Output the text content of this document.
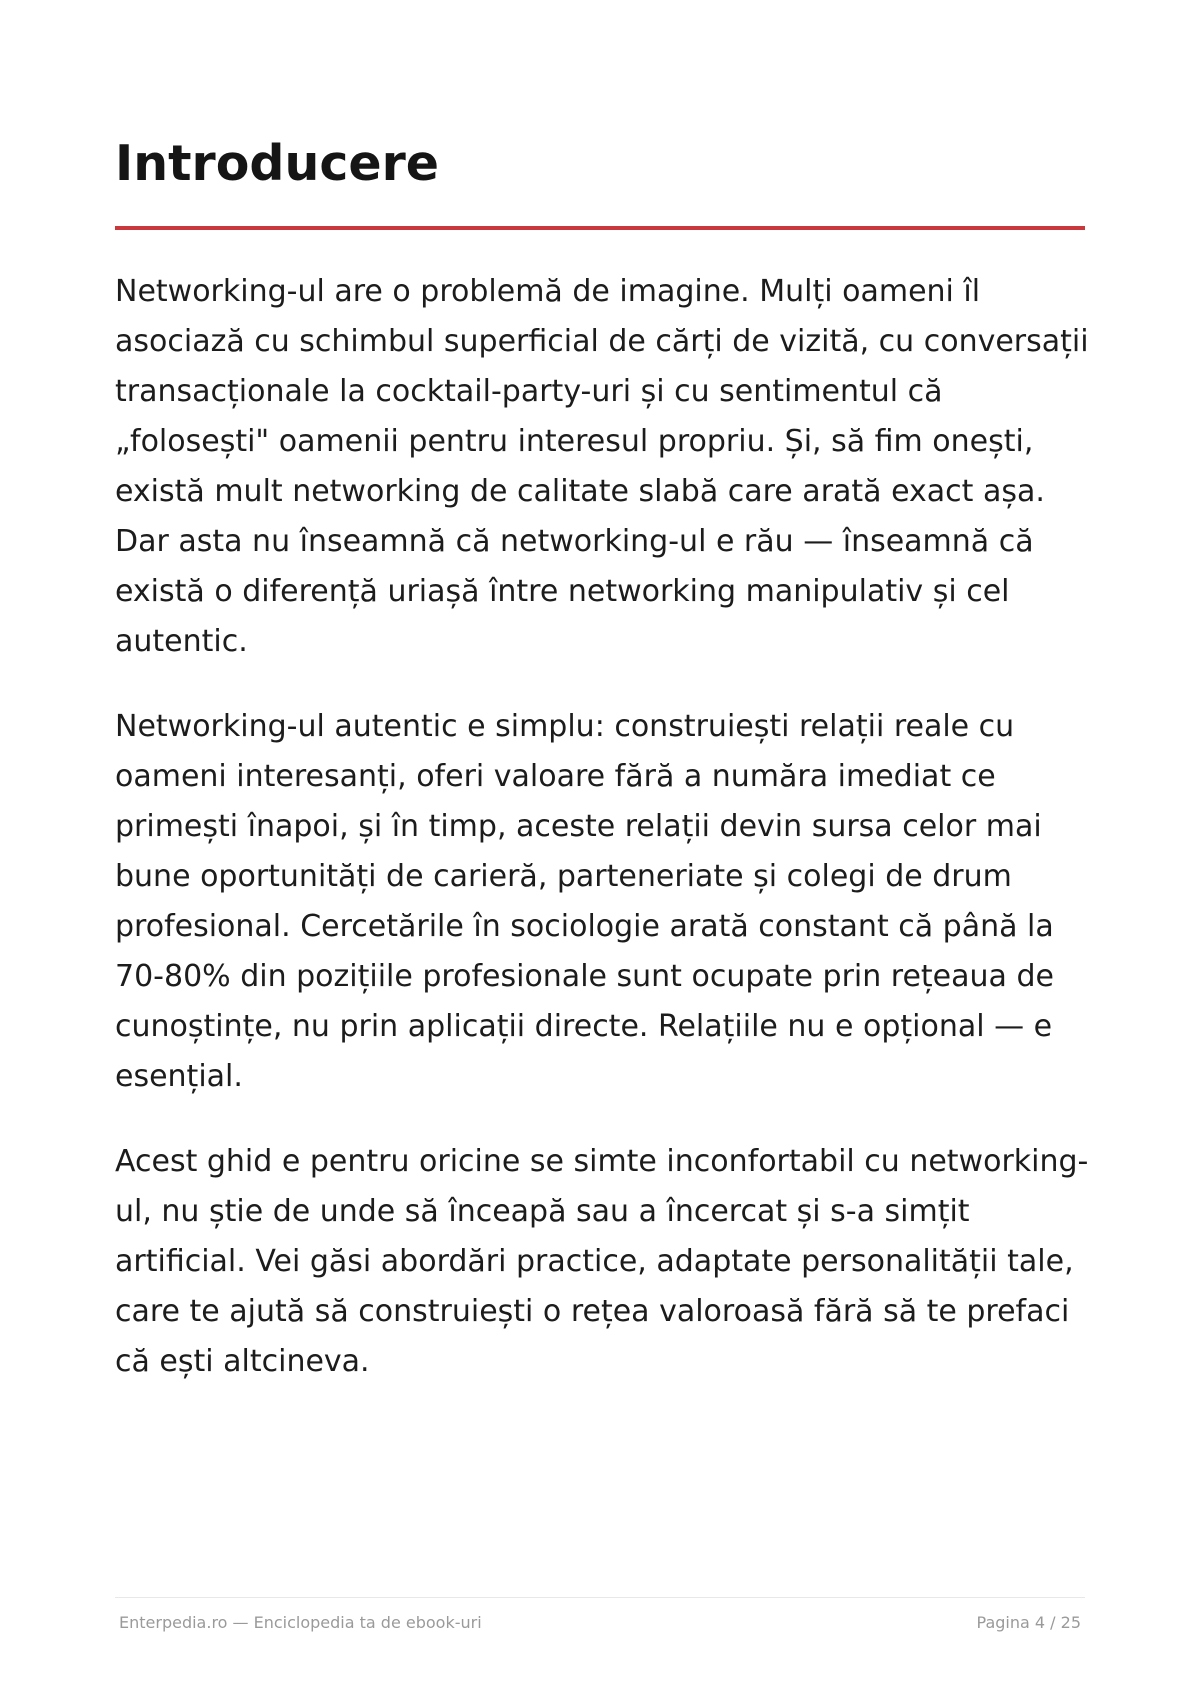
Introducere

Networking-ul are o problemă de imagine. Mulți oameni îl asociază cu schimbul superficial de cărți de vizită, cu conversații transacționale la cocktail-party-uri și cu sentimentul că „folosești" oamenii pentru interesul propriu. Și, să fim onești, există mult networking de calitate slabă care arată exact așa. Dar asta nu înseamnă că networking-ul e rău — înseamnă că există o diferență uriașă între networking manipulativ și cel autentic.

Networking-ul autentic e simplu: construiești relații reale cu oameni interesanți, oferi valoare fără a număra imediat ce primești înapoi, și în timp, aceste relații devin sursa celor mai bune oportunități de carieră, parteneriate și colegi de drum profesional. Cercetările în sociologie arată constant că până la 70-80% din pozițiile profesionale sunt ocupate prin rețeaua de cunoștințe, nu prin aplicații directe. Relațiile nu e opțional — e esențial.

Acest ghid e pentru oricine se simte inconfortabil cu networking-ul, nu știe de unde să înceapă sau a încercat și s-a simțit artificial. Vei găsi abordări practice, adaptate personalității tale, care te ajută să construiești o rețea valoroasă fără să te prefaci că ești altcineva.

Enterpedia.ro — Enciclopedia ta de ebook-uri	Pagina 4 / 25
